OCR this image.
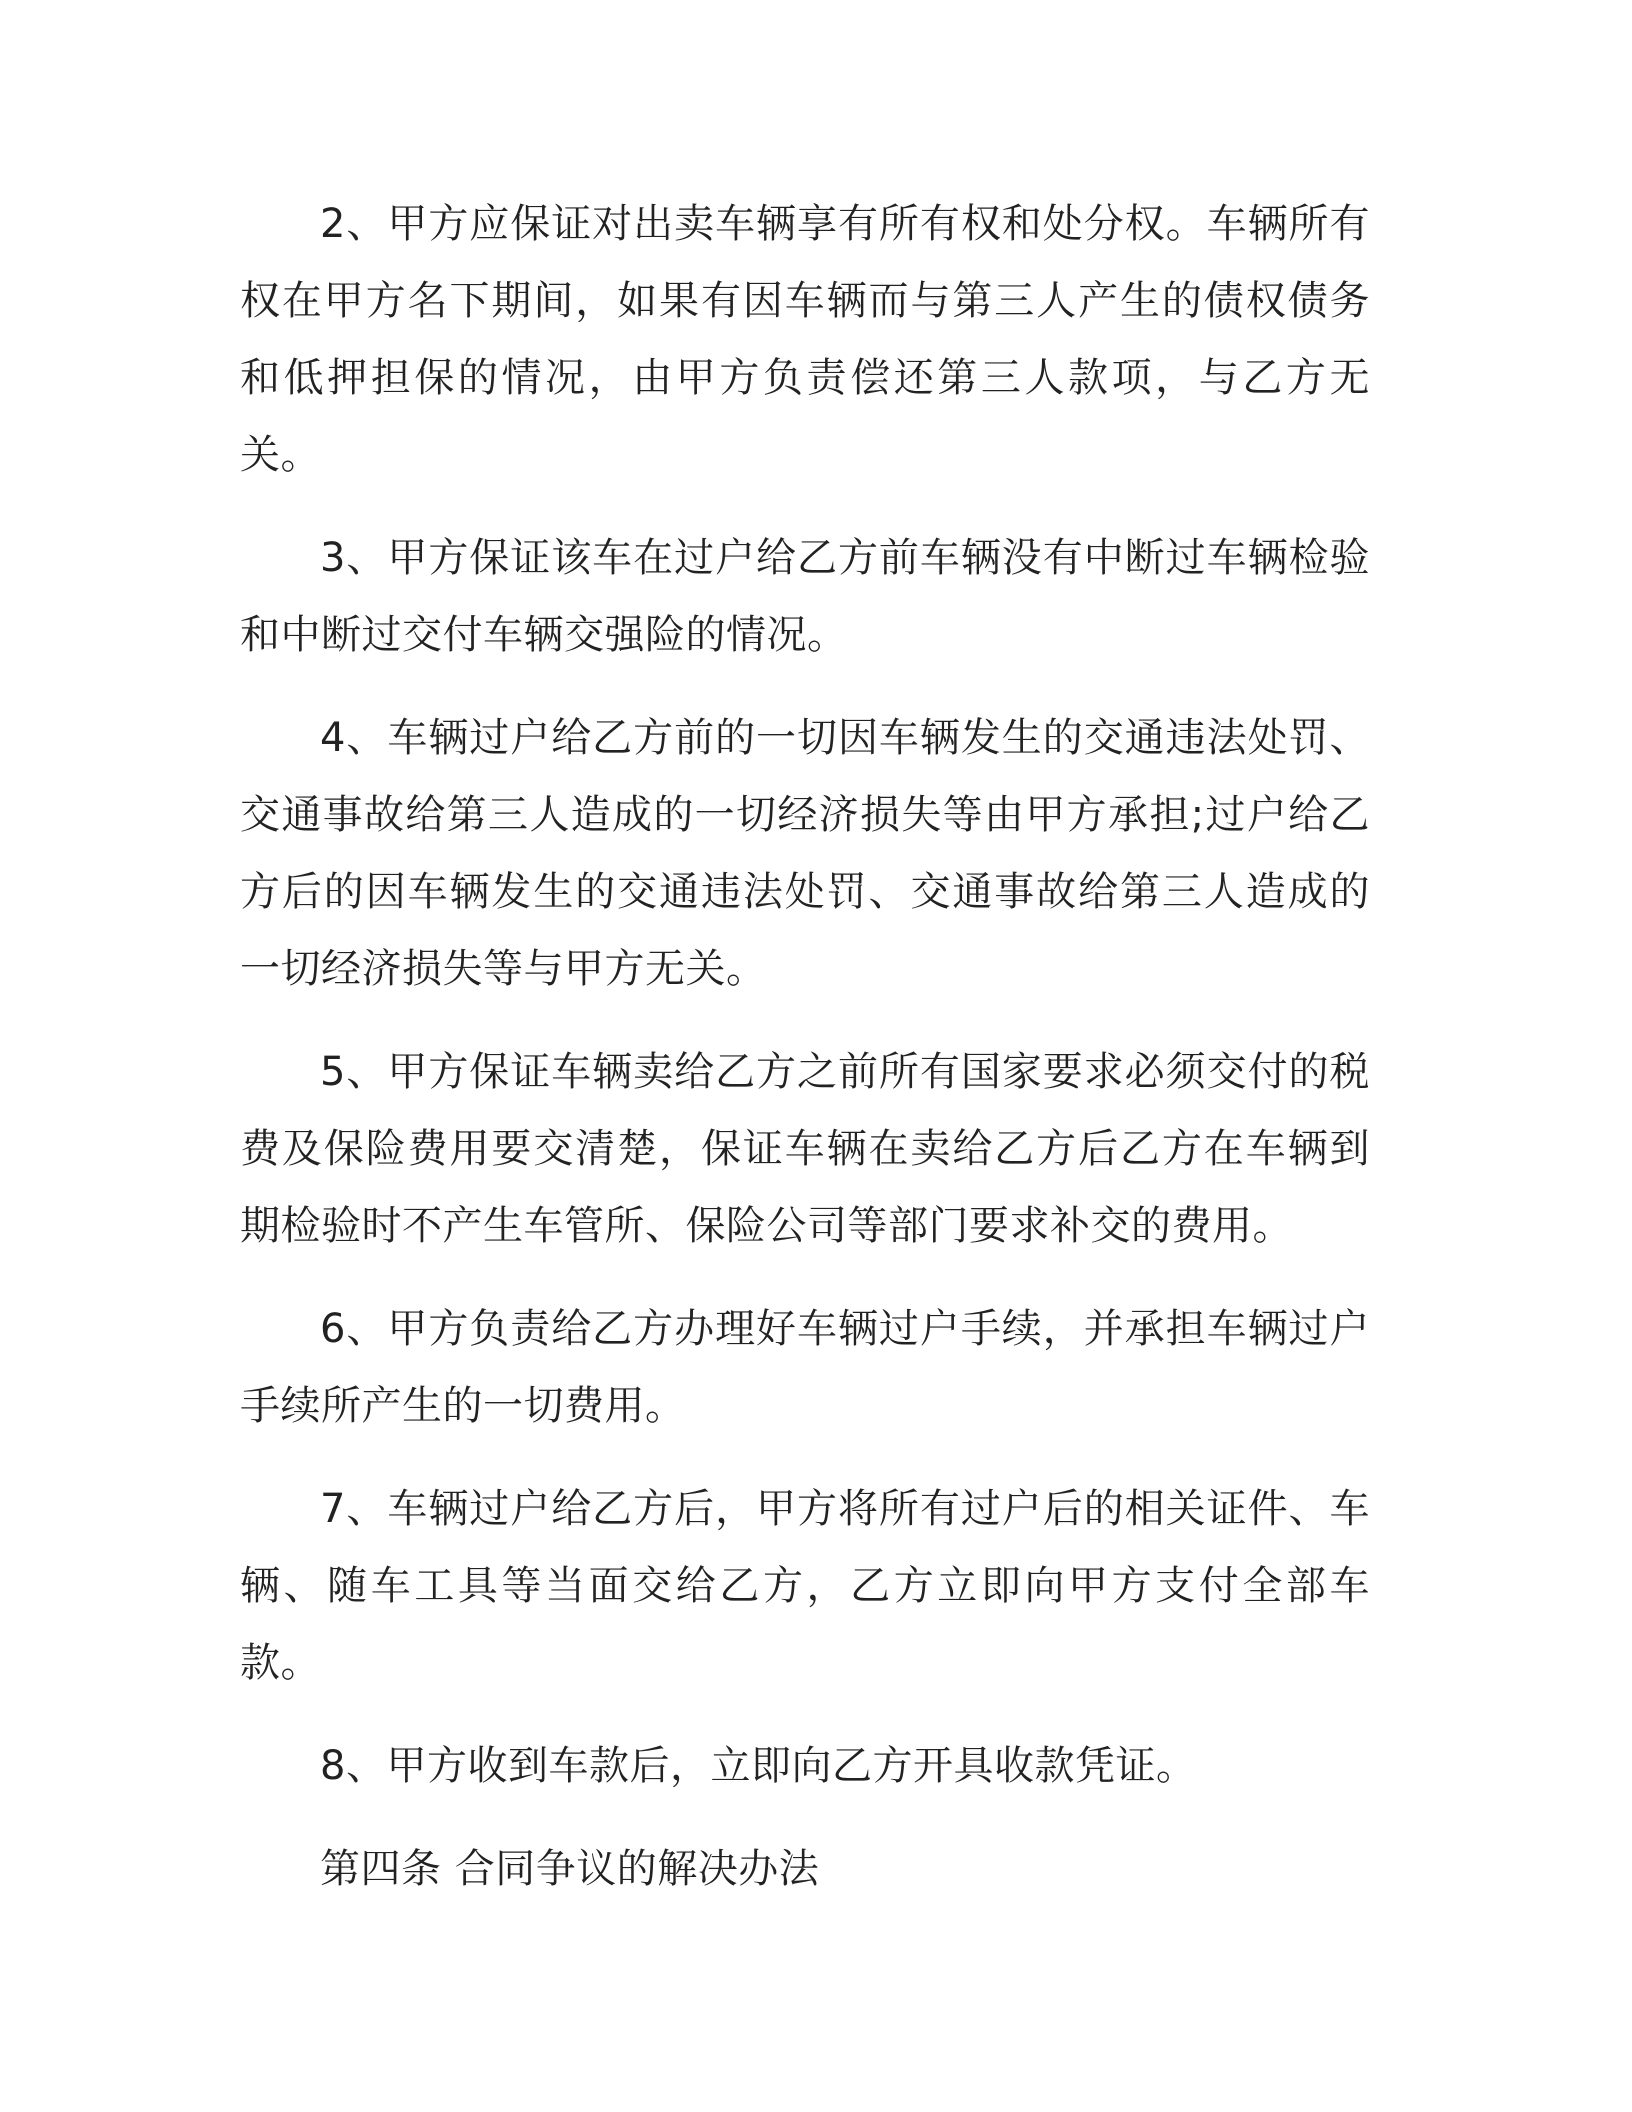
2、甲方应保证对出卖车辆享有所有权和处分权。车辆所有权在甲方名下期间，如果有因车辆而与第三人产生的债权债务和低押担保的情况，由甲方负责偿还第三人款项，与乙方无关。

3、甲方保证该车在过户给乙方前车辆没有中断过车辆检验和中断过交付车辆交强险的情况。

4、车辆过户给乙方前的一切因车辆发生的交通违法处罚、交通事故给第三人造成的一切经济损失等由甲方承担;过户给乙方后的因车辆发生的交通违法处罚、交通事故给第三人造成的一切经济损失等与甲方无关。

5、甲方保证车辆卖给乙方之前所有国家要求必须交付的税费及保险费用要交清楚，保证车辆在卖给乙方后乙方在车辆到期检验时不产生车管所、保险公司等部门要求补交的费用。

6、甲方负责给乙方办理好车辆过户手续，并承担车辆过户手续所产生的一切费用。

7、车辆过户给乙方后，甲方将所有过户后的相关证件、车辆、随车工具等当面交给乙方，乙方立即向甲方支付全部车款。

8、甲方收到车款后，立即向乙方开具收款凭证。

第四条 合同争议的解决办法
